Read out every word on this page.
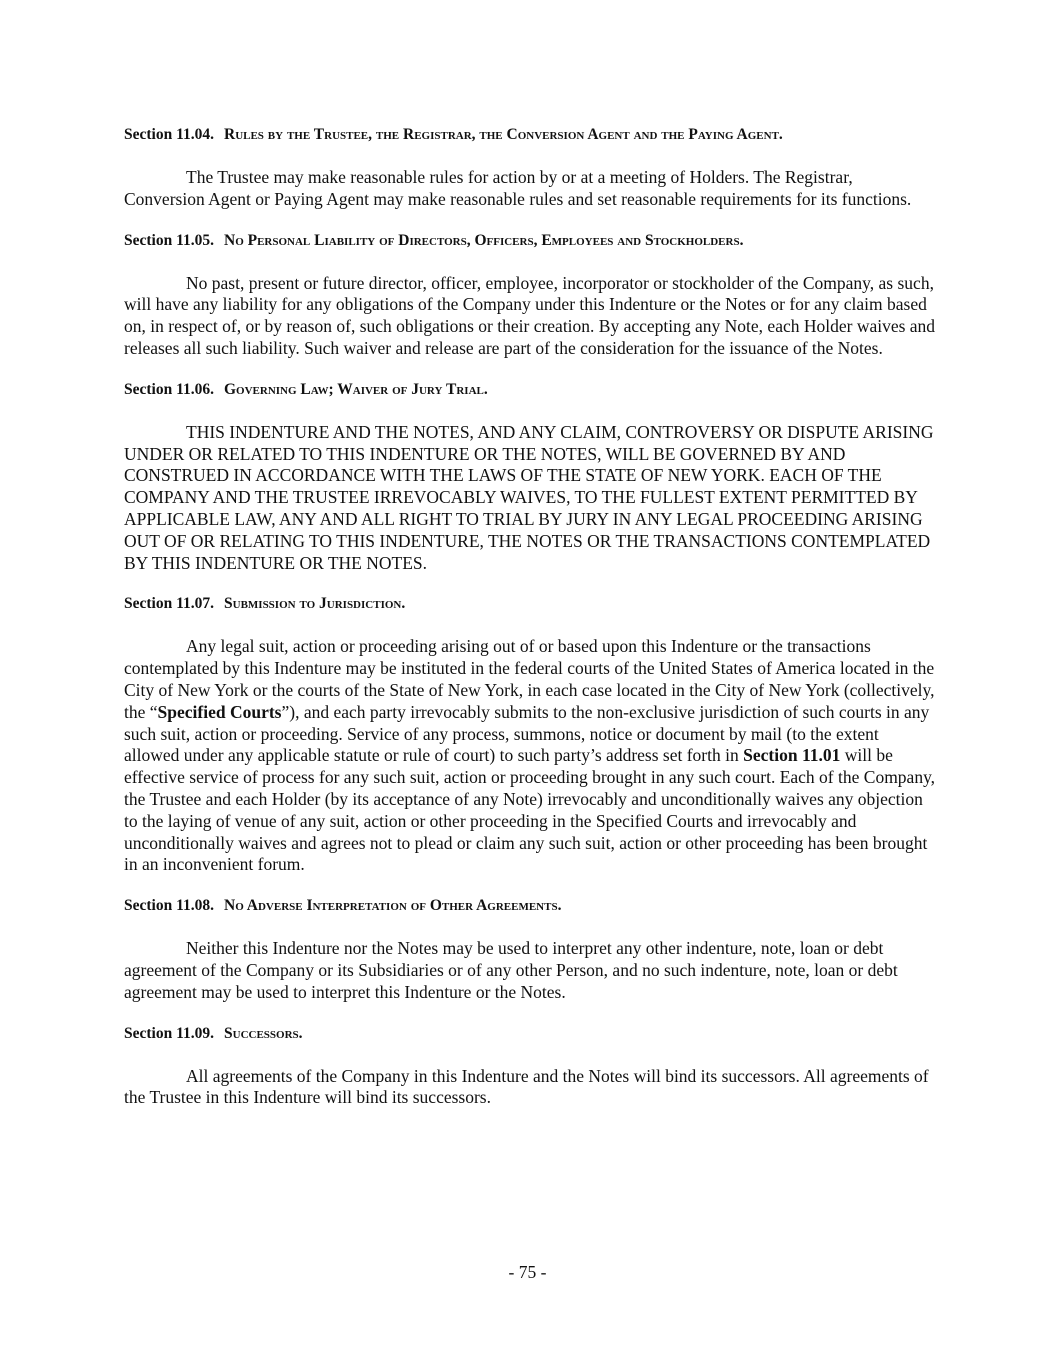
Section 11.04. Rules by the Trustee, the Registrar, the Conversion Agent and the Paying Agent.

The Trustee may make reasonable rules for action by or at a meeting of Holders. The Registrar, Conversion Agent or Paying Agent may make reasonable rules and set reasonable requirements for its functions.

Section 11.05. No Personal Liability of Directors, Officers, Employees and Stockholders.

No past, present or future director, officer, employee, incorporator or stockholder of the Company, as such, will have any liability for any obligations of the Company under this Indenture or the Notes or for any claim based on, in respect of, or by reason of, such obligations or their creation. By accepting any Note, each Holder waives and releases all such liability. Such waiver and release are part of the consideration for the issuance of the Notes.

Section 11.06. Governing Law; Waiver of Jury Trial.

THIS INDENTURE AND THE NOTES, AND ANY CLAIM, CONTROVERSY OR DISPUTE ARISING UNDER OR RELATED TO THIS INDENTURE OR THE NOTES, WILL BE GOVERNED BY AND CONSTRUED IN ACCORDANCE WITH THE LAWS OF THE STATE OF NEW YORK. EACH OF THE COMPANY AND THE TRUSTEE IRREVOCABLY WAIVES, TO THE FULLEST EXTENT PERMITTED BY APPLICABLE LAW, ANY AND ALL RIGHT TO TRIAL BY JURY IN ANY LEGAL PROCEEDING ARISING OUT OF OR RELATING TO THIS INDENTURE, THE NOTES OR THE TRANSACTIONS CONTEMPLATED BY THIS INDENTURE OR THE NOTES.

Section 11.07. Submission to Jurisdiction.

Any legal suit, action or proceeding arising out of or based upon this Indenture or the transactions contemplated by this Indenture may be instituted in the federal courts of the United States of America located in the City of New York or the courts of the State of New York, in each case located in the City of New York (collectively, the “Specified Courts”), and each party irrevocably submits to the non-exclusive jurisdiction of such courts in any such suit, action or proceeding. Service of any process, summons, notice or document by mail (to the extent allowed under any applicable statute or rule of court) to such party’s address set forth in Section 11.01 will be effective service of process for any such suit, action or proceeding brought in any such court. Each of the Company, the Trustee and each Holder (by its acceptance of any Note) irrevocably and unconditionally waives any objection to the laying of venue of any suit, action or other proceeding in the Specified Courts and irrevocably and unconditionally waives and agrees not to plead or claim any such suit, action or other proceeding has been brought in an inconvenient forum.

Section 11.08. No Adverse Interpretation of Other Agreements.

Neither this Indenture nor the Notes may be used to interpret any other indenture, note, loan or debt agreement of the Company or its Subsidiaries or of any other Person, and no such indenture, note, loan or debt agreement may be used to interpret this Indenture or the Notes.

Section 11.09. Successors.

All agreements of the Company in this Indenture and the Notes will bind its successors. All agreements of the Trustee in this Indenture will bind its successors.

- 75 -
